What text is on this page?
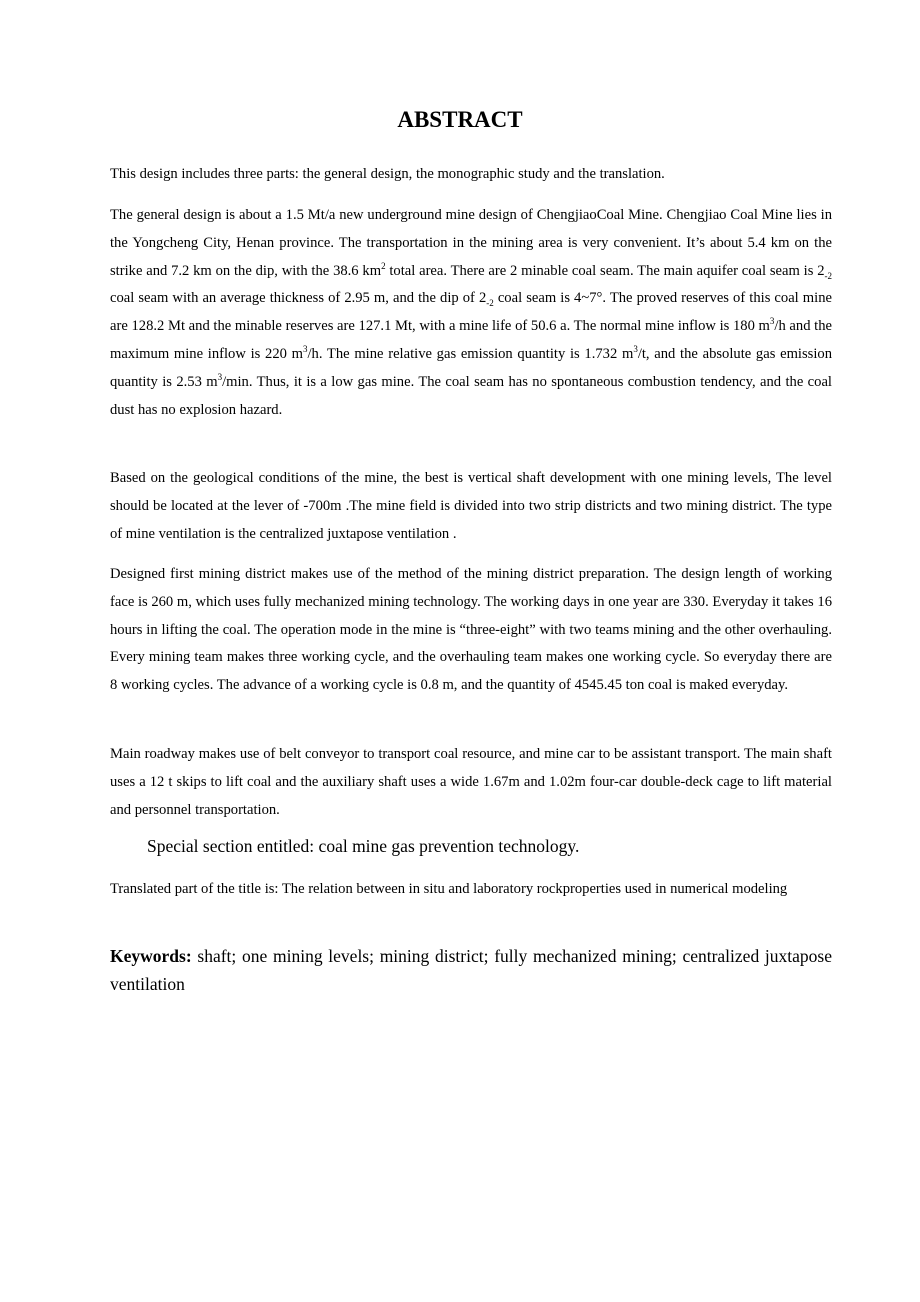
ABSTRACT

This design includes three parts: the general design, the monographic study and the translation.

The general design is about a 1.5 Mt/a new underground mine design of ChengjiaoCoal Mine. Chengjiao Coal Mine lies in the Yongcheng City, Henan province. The transportation in the mining area is very convenient. It’s about 5.4 km on the strike and 7.2 km on the dip, with the 38.6 $km^2$ total area. There are 2 minable coal seam. The main aquifer coal seam is $2_{-2}$ coal seam with an average thickness of 2.95 m, and the dip of $2_{-2}$ coal seam is 4~7°. The proved reserves of this coal mine are 128.2 Mt and the minable reserves are 127.1 Mt, with a mine life of 50.6 a. The normal mine inflow is 180 $m^3/h$ and the maximum mine inflow is 220 $m^3/h$. The mine relative gas emission quantity is 1.732 $m^3/t$, and the absolute gas emission quantity is 2.53 $m^3/\min$. Thus, it is a low gas mine. The coal seam has no spontaneous combustion tendency, and the coal dust has no explosion hazard.

Based on the geological conditions of the mine, the best is vertical shaft development with one mining levels, The level should be located at the lever of -700m .The mine field is divided into two strip districts and two mining district. The type of mine ventilation is the centralized juxtapose ventilation .

Designed first mining district makes use of the method of the mining district preparation. The design length of working face is 260 m, which uses fully mechanized mining technology. The working days in one year are 330. Everyday it takes 16 hours in lifting the coal. The operation mode in the mine is “three-eight” with two teams mining and the other overhauling. Every mining team makes three working cycle, and the overhauling team makes one working cycle. So everyday there are 8 working cycles. The advance of a working cycle is 0.8 m, and the quantity of 4545.45 ton coal is maked everyday.

Main roadway makes use of belt conveyor to transport coal resource, and mine car to be assistant transport. The main shaft uses a 12 t skips to lift coal and the auxiliary shaft uses a wide 1.67m and 1.02m four-car double-deck cage to lift material and personnel transportation.

Special section entitled: coal mine gas prevention technology.

Translated part of the title is: The relation between in situ and laboratory rockproperties used in numerical modeling

Keywords: shaft; one mining levels; mining district; fully mechanized mining; centralized juxtapose ventilation
